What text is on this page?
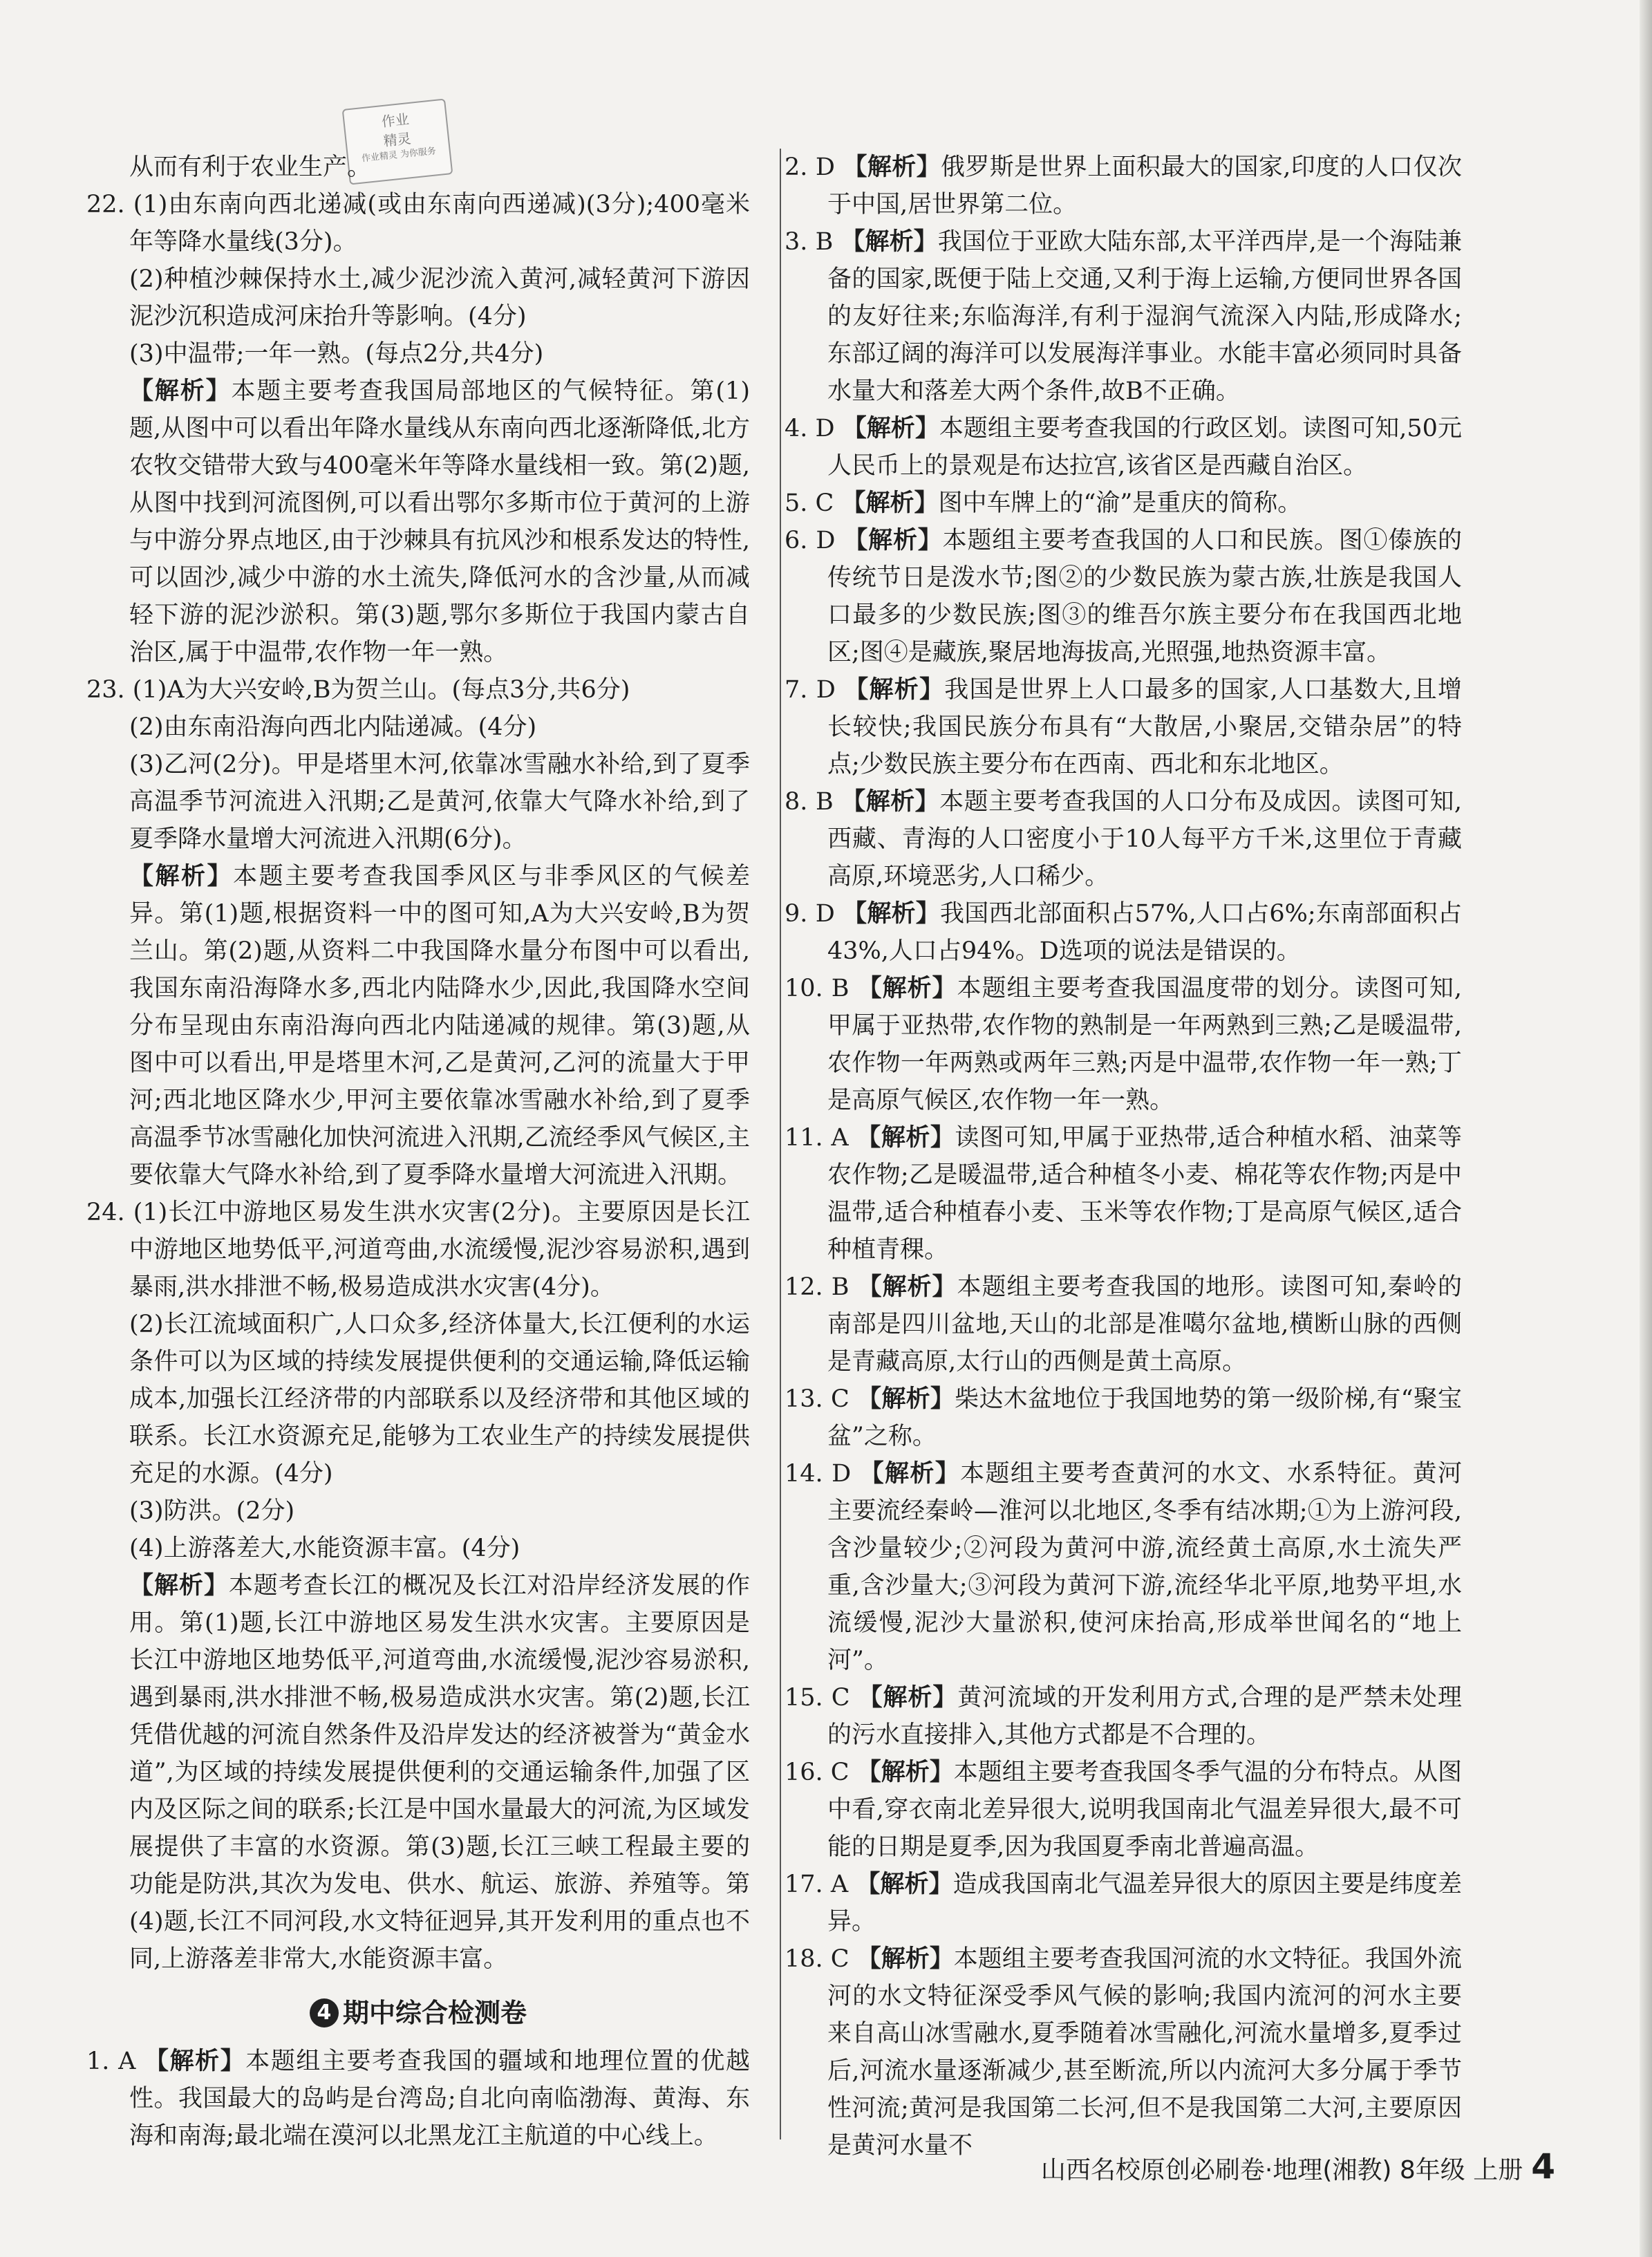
作业
精灵
作业精灵 为你服务

从而有利于农业生产。

22. (1)由东南向西北递减(或由东南向西递减)(3分);400毫米年等降水量线(3分)。

(2)种植沙棘保持水土,减少泥沙流入黄河,减轻黄河下游因泥沙沉积造成河床抬升等影响。(4分)

(3)中温带;一年一熟。(每点2分,共4分)

【解析】本题主要考查我国局部地区的气候特征。第(1)题,从图中可以看出年降水量线从东南向西北逐渐降低,北方农牧交错带大致与400毫米年等降水量线相一致。第(2)题,从图中找到河流图例,可以看出鄂尔多斯市位于黄河的上游与中游分界点地区,由于沙棘具有抗风沙和根系发达的特性,可以固沙,减少中游的水土流失,降低河水的含沙量,从而减轻下游的泥沙淤积。第(3)题,鄂尔多斯位于我国内蒙古自治区,属于中温带,农作物一年一熟。

23. (1)A为大兴安岭,B为贺兰山。(每点3分,共6分)

(2)由东南沿海向西北内陆递减。(4分)

(3)乙河(2分)。甲是塔里木河,依靠冰雪融水补给,到了夏季高温季节河流进入汛期;乙是黄河,依靠大气降水补给,到了夏季降水量增大河流进入汛期(6分)。

【解析】本题主要考查我国季风区与非季风区的气候差异。第(1)题,根据资料一中的图可知,A为大兴安岭,B为贺兰山。第(2)题,从资料二中我国降水量分布图中可以看出,我国东南沿海降水多,西北内陆降水少,因此,我国降水空间分布呈现由东南沿海向西北内陆递减的规律。第(3)题,从图中可以看出,甲是塔里木河,乙是黄河,乙河的流量大于甲河;西北地区降水少,甲河主要依靠冰雪融水补给,到了夏季高温季节冰雪融化加快河流进入汛期,乙流经季风气候区,主要依靠大气降水补给,到了夏季降水量增大河流进入汛期。

24. (1)长江中游地区易发生洪水灾害(2分)。主要原因是长江中游地区地势低平,河道弯曲,水流缓慢,泥沙容易淤积,遇到暴雨,洪水排泄不畅,极易造成洪水灾害(4分)。

(2)长江流域面积广,人口众多,经济体量大,长江便利的水运条件可以为区域的持续发展提供便利的交通运输,降低运输成本,加强长江经济带的内部联系以及经济带和其他区域的联系。长江水资源充足,能够为工农业生产的持续发展提供充足的水源。(4分)

(3)防洪。(2分)

(4)上游落差大,水能资源丰富。(4分)

【解析】本题考查长江的概况及长江对沿岸经济发展的作用。第(1)题,长江中游地区易发生洪水灾害。主要原因是长江中游地区地势低平,河道弯曲,水流缓慢,泥沙容易淤积,遇到暴雨,洪水排泄不畅,极易造成洪水灾害。第(2)题,长江凭借优越的河流自然条件及沿岸发达的经济被誉为“黄金水道”,为区域的持续发展提供便利的交通运输条件,加强了区内及区际之间的联系;长江是中国水量最大的河流,为区域发展提供了丰富的水资源。第(3)题,长江三峡工程最主要的功能是防洪,其次为发电、供水、航运、旅游、养殖等。第(4)题,长江不同河段,水文特征迥异,其开发利用的重点也不同,上游落差非常大,水能资源丰富。

4 期中综合检测卷

1. A 【解析】本题组主要考查我国的疆域和地理位置的优越性。我国最大的岛屿是台湾岛;自北向南临渤海、黄海、东海和南海;最北端在漠河以北黑龙江主航道的中心线上。

2. D 【解析】俄罗斯是世界上面积最大的国家,印度的人口仅次于中国,居世界第二位。

3. B 【解析】我国位于亚欧大陆东部,太平洋西岸,是一个海陆兼备的国家,既便于陆上交通,又利于海上运输,方便同世界各国的友好往来;东临海洋,有利于湿润气流深入内陆,形成降水;东部辽阔的海洋可以发展海洋事业。水能丰富必须同时具备水量大和落差大两个条件,故B不正确。

4. D 【解析】本题组主要考查我国的行政区划。读图可知,50元人民币上的景观是布达拉宫,该省区是西藏自治区。

5. C 【解析】图中车牌上的“渝”是重庆的简称。

6. D 【解析】本题组主要考查我国的人口和民族。图①傣族的传统节日是泼水节;图②的少数民族为蒙古族,壮族是我国人口最多的少数民族;图③的维吾尔族主要分布在我国西北地区;图④是藏族,聚居地海拔高,光照强,地热资源丰富。

7. D 【解析】我国是世界上人口最多的国家,人口基数大,且增长较快;我国民族分布具有“大散居,小聚居,交错杂居”的特点;少数民族主要分布在西南、西北和东北地区。

8. B 【解析】本题主要考查我国的人口分布及成因。读图可知,西藏、青海的人口密度小于10人每平方千米,这里位于青藏高原,环境恶劣,人口稀少。

9. D 【解析】我国西北部面积占57%,人口占6%;东南部面积占43%,人口占94%。D选项的说法是错误的。

10. B 【解析】本题组主要考查我国温度带的划分。读图可知,甲属于亚热带,农作物的熟制是一年两熟到三熟;乙是暖温带,农作物一年两熟或两年三熟;丙是中温带,农作物一年一熟;丁是高原气候区,农作物一年一熟。

11. A 【解析】读图可知,甲属于亚热带,适合种植水稻、油菜等农作物;乙是暖温带,适合种植冬小麦、棉花等农作物;丙是中温带,适合种植春小麦、玉米等农作物;丁是高原气候区,适合种植青稞。

12. B 【解析】本题组主要考查我国的地形。读图可知,秦岭的南部是四川盆地,天山的北部是准噶尔盆地,横断山脉的西侧是青藏高原,太行山的西侧是黄土高原。

13. C 【解析】柴达木盆地位于我国地势的第一级阶梯,有“聚宝盆”之称。

14. D 【解析】本题组主要考查黄河的水文、水系特征。黄河主要流经秦岭—淮河以北地区,冬季有结冰期;①为上游河段,含沙量较少;②河段为黄河中游,流经黄土高原,水土流失严重,含沙量大;③河段为黄河下游,流经华北平原,地势平坦,水流缓慢,泥沙大量淤积,使河床抬高,形成举世闻名的“地上河”。

15. C 【解析】黄河流域的开发利用方式,合理的是严禁未处理的污水直接排入,其他方式都是不合理的。

16. C 【解析】本题组主要考查我国冬季气温的分布特点。从图中看,穿衣南北差异很大,说明我国南北气温差异很大,最不可能的日期是夏季,因为我国夏季南北普遍高温。

17. A 【解析】造成我国南北气温差异很大的原因主要是纬度差异。

18. C 【解析】本题组主要考查我国河流的水文特征。我国外流河的水文特征深受季风气候的影响;我国内流河的河水主要来自高山冰雪融水,夏季随着冰雪融化,河流水量增多,夏季过后,河流水量逐渐减少,甚至断流,所以内流河大多分属于季节性河流;黄河是我国第二长河,但不是我国第二大河,主要原因是黄河水量不

山西名校原创必刷卷·地理(湘教) 8年级 上册 4
